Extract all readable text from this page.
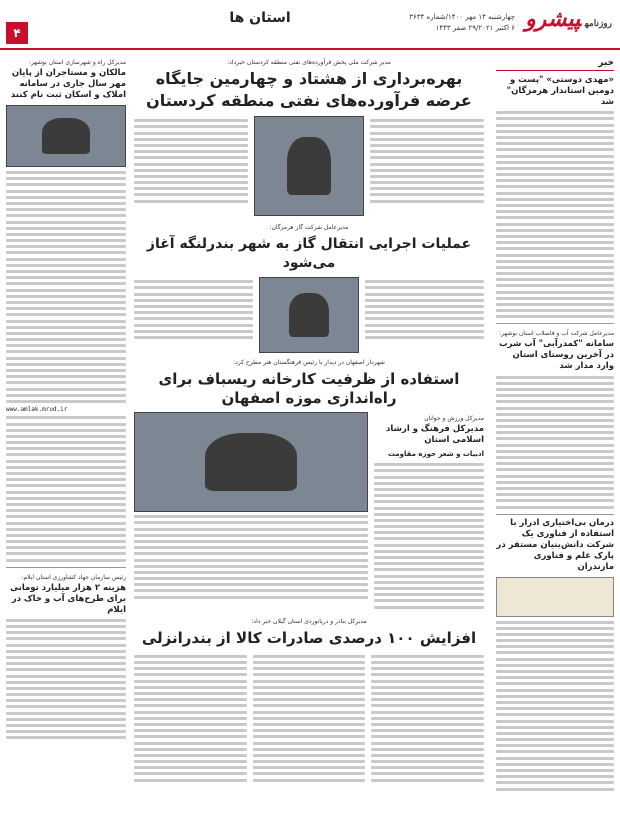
روزنامهپیشرو
چهارشنبه ۱۴ مهر ۱۴۰۰/شماره ۳۶۳۴
۶ اکتبر ۲۹/۲۰۲۱ صفر ۱۴۴۳
استان ها
۴
خبر
«مهدی دوستی» "پست و دومین استاندار هرمزگان" شد
مدیرعامل شرکت آب و فاضلاب استان بوشهر:
سامانه "کمدرآبی" آب شرب در آخرین روستای استان وارد مدار شد
درمان بی‌اختیاری ادرار با استفاده از فناوری یک شرکت دانش‌بنیان مستقر در پارک علم و فناوری مازندران
مدیر شرکت ملی پخش فرآورده‌های نفتی منطقه کردستان خبرداد:
بهره‌برداری از هشتاد و چهارمین جایگاه عرضه فرآورده‌های نفتی منطقه کردستان
مدیرعامل شرکت گاز هرمزگان:
عملیات اجرایی انتقال گاز به شهر بندرلنگه آغاز می‌شود
شهردار اصفهان در دیدار با رئیس فرهنگستان هنر مطرح کرد:
استفاده از ظرفیت کارخانه ریسباف برای راه‌اندازی موزه اصفهان
مدیرکل ورزش و جوانان
مدیرکل فرهنگ و ارشاد اسلامی استان
ادبیات و شعر حوزه مقاومت
مدیرکل بنادر و دریانوردی استان گیلان خبر داد:
افزایش ۱۰۰ درصدی صادرات کالا از بندرانزلی
مدیرکل راه و شهرسازی استان بوشهر:
مالکان و مستاجران از پایان مهر سال جاری در سامانه املاک و اسکان ثبت نام کنند
www.amlak.mrud.ir
رئیس سازمان جهاد کشاورزی استان ایلام:
هزینه ۲ هزار میلیارد تومانی برای طرح‌های آب و خاک در ایلام
